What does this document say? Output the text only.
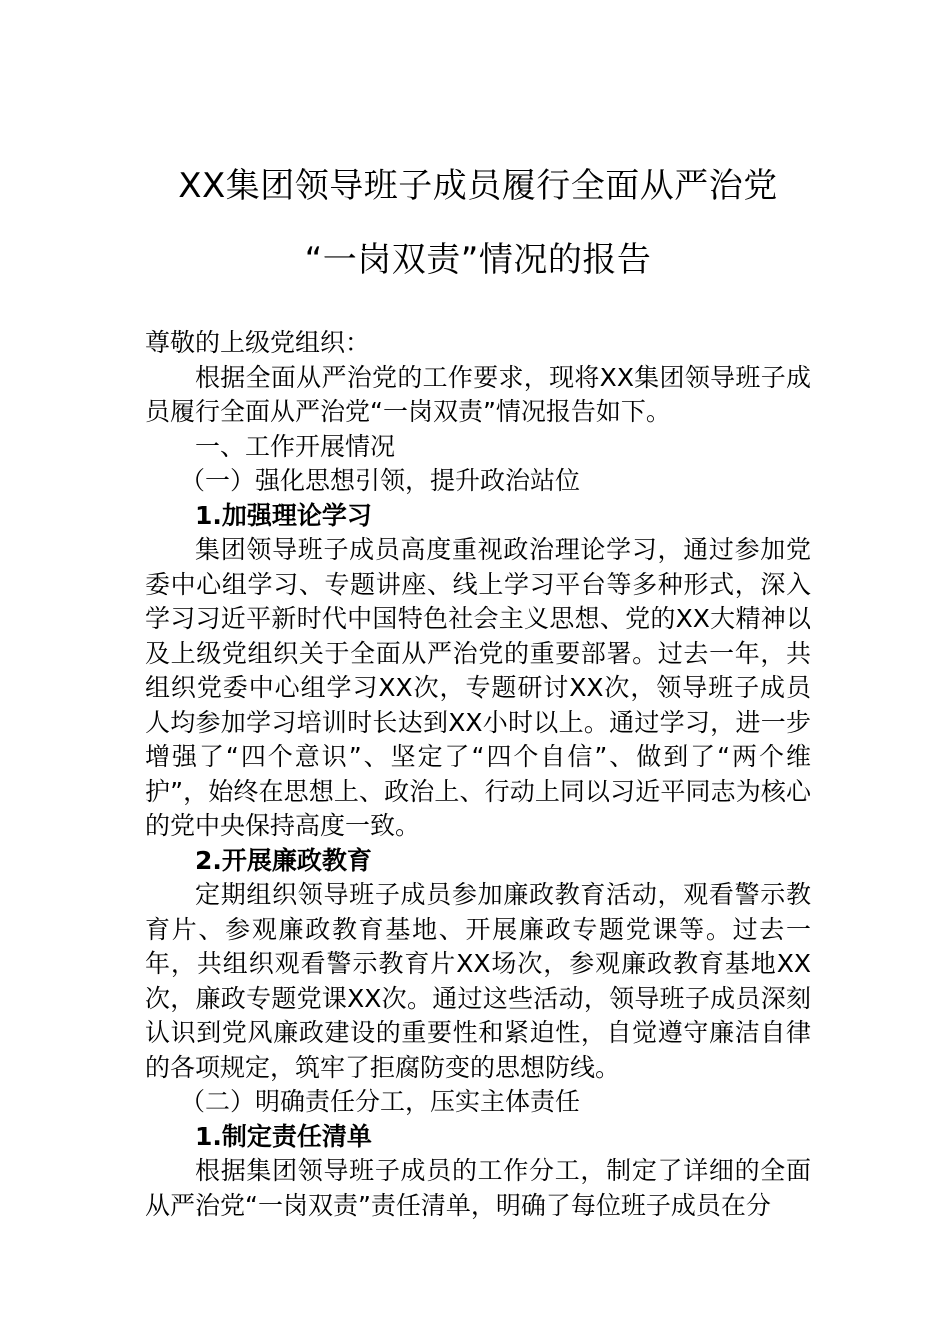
XX集团领导班子成员履行全面从严治党
“一岗双责”情况的报告

尊敬的上级党组织：

根据全面从严治党的工作要求，现将XX集团领导班子成员履行全面从严治党“一岗双责”情况报告如下。

一、工作开展情况

（一）强化思想引领，提升政治站位

1.加强理论学习

集团领导班子成员高度重视政治理论学习，通过参加党委中心组学习、专题讲座、线上学习平台等多种形式，深入学习习近平新时代中国特色社会主义思想、党的XX大精神以及上级党组织关于全面从严治党的重要部署。过去一年，共组织党委中心组学习XX次，专题研讨XX次，领导班子成员人均参加学习培训时长达到XX小时以上。通过学习，进一步增强了“四个意识”、坚定了“四个自信”、做到了“两个维护”，始终在思想上、政治上、行动上同以习近平同志为核心的党中央保持高度一致。

2.开展廉政教育

定期组织领导班子成员参加廉政教育活动，观看警示教育片、参观廉政教育基地、开展廉政专题党课等。过去一年，共组织观看警示教育片XX场次，参观廉政教育基地XX次，廉政专题党课XX次。通过这些活动，领导班子成员深刻认识到党风廉政建设的重要性和紧迫性，自觉遵守廉洁自律的各项规定，筑牢了拒腐防变的思想防线。

（二）明确责任分工，压实主体责任

1.制定责任清单

根据集团领导班子成员的工作分工，制定了详细的全面从严治党“一岗双责”责任清单，明确了每位班子成员在分
